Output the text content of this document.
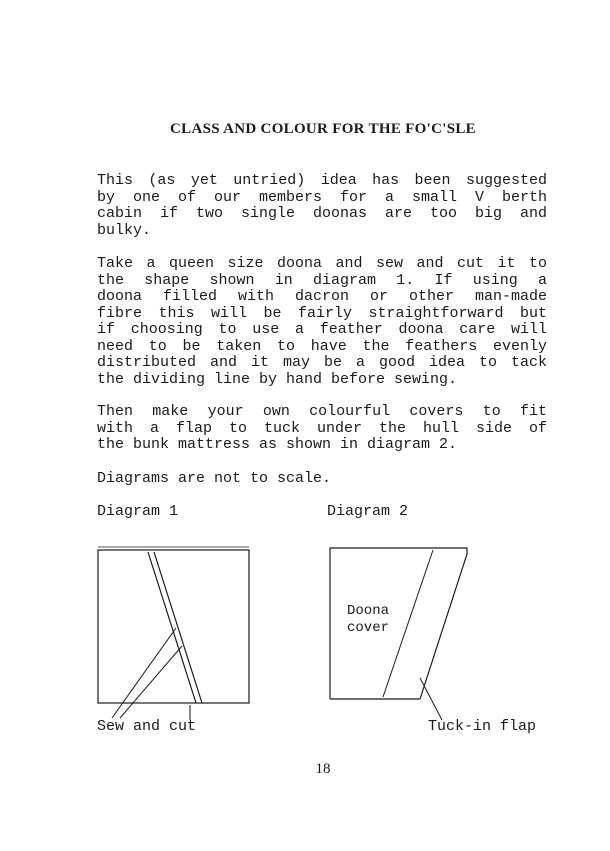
CLASS AND COLOUR FOR THE FO'C'SLE
This (as yet untried) idea has been suggested
by one of our members for a small V berth
cabin if two single doonas are too big and
bulky.
Take a queen size doona and sew and cut it to
the shape shown in diagram 1. If using a
doona filled with dacron or other man-made
fibre this will be fairly straightforward but
if choosing to use a feather doona care will
need to be taken to have the feathers evenly
distributed and it may be a good idea to tack
the dividing line by hand before sewing.
Then make your own colourful covers to fit
with a flap to tuck under the hull side of
the bunk mattress as shown in diagram 2.
Diagrams are not to scale.
Diagram 1	Diagram 2
Doona
cover
Sew and cut	Tuck-in flap
18
